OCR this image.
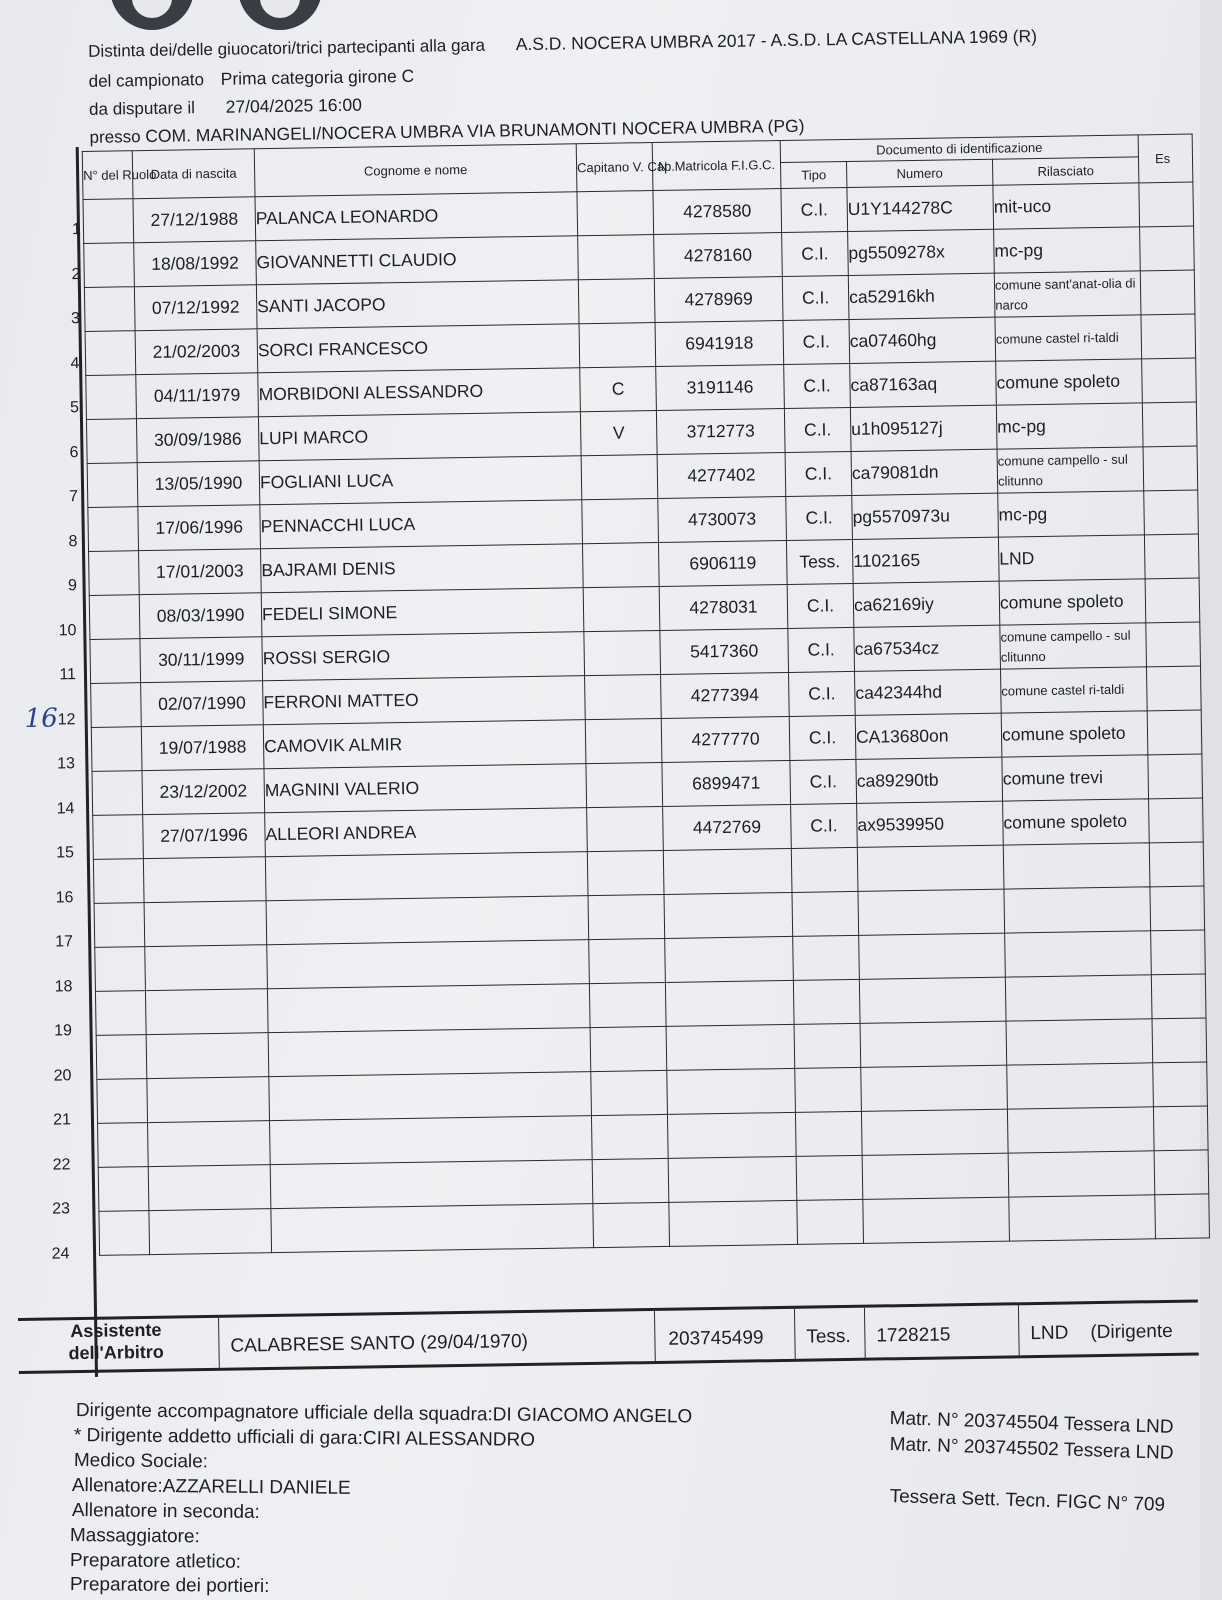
Distinta dei/delle giuocatori/trici partecipanti alla gara A.S.D. NOCERA UMBRA 2017 - A.S.D. LA CASTELLANA 1969 (R)
del campionato Prima categoria girone C
da disputare il 27/04/2025 16:00
presso COM. MARINANGELI/NOCERA UMBRA VIA BRUNAMONTI NOCERA UMBRA (PG)
1
2
3
4
5
6
7
8
9
10
11
12
13
14
15
16
17
18
19
20
21
22
23
24
16
N° del Ruolo	Data di nascita	Cognome e nome	Capitano V. Cap.	N. Matricola F.I.G.C.	Documento di identificazione			Es
					Tipo	Numero	Rilasciato	
	27/12/1988	PALANCA LEONARDO		4278580	C.I.	U1Y144278C	mit-uco	
	18/08/1992	GIOVANNETTI CLAUDIO		4278160	C.I.	pg5509278x	mc-pg	
	07/12/1992	SANTI JACOPO		4278969	C.I.	ca52916kh	comune sant'anat-olia di narco	
	21/02/2003	SORCI FRANCESCO		6941918	C.I.	ca07460hg	comune castel ri-taldi	
	04/11/1979	MORBIDONI ALESSANDRO	C	3191146	C.I.	ca87163aq	comune spoleto	
	30/09/1986	LUPI MARCO	V	3712773	C.I.	u1h095127j	mc-pg	
	13/05/1990	FOGLIANI LUCA		4277402	C.I.	ca79081dn	comune campello - sul clitunno	
	17/06/1996	PENNACCHI LUCA		4730073	C.I.	pg5570973u	mc-pg	
	17/01/2003	BAJRAMI DENIS		6906119	Tess.	1102165	LND	
	08/03/1990	FEDELI SIMONE		4278031	C.I.	ca62169iy	comune spoleto	
	30/11/1999	ROSSI SERGIO		5417360	C.I.	ca67534cz	comune campello - sul clitunno	
	02/07/1990	FERRONI MATTEO		4277394	C.I.	ca42344hd	comune castel ri-taldi	
	19/07/1988	CAMOVIK ALMIR		4277770	C.I.	CA13680on	comune spoleto	
	23/12/2002	MAGNINI VALERIO		6899471	C.I.	ca89290tb	comune trevi	
	27/07/1996	ALLEORI ANDREA		4472769	C.I.	ax9539950	comune spoleto	

Assistente
dell'Arbitro	CALABRESE SANTO (29/04/1970)	203745499 Tess. 1728215	LND (Dirigente
Dirigente accompagnatore ufficiale della squadra:DI GIACOMO ANGELO
* Dirigente addetto ufficiali di gara:CIRI ALESSANDRO
Medico Sociale:
Allenatore:AZZARELLI DANIELE
Allenatore in seconda:
Massaggiatore:
Preparatore atletico:
Preparatore dei portieri:
Matr. N° 203745504 Tessera LND
Matr. N° 203745502 Tessera LND
Tessera Sett. Tecn. FIGC N° 709
